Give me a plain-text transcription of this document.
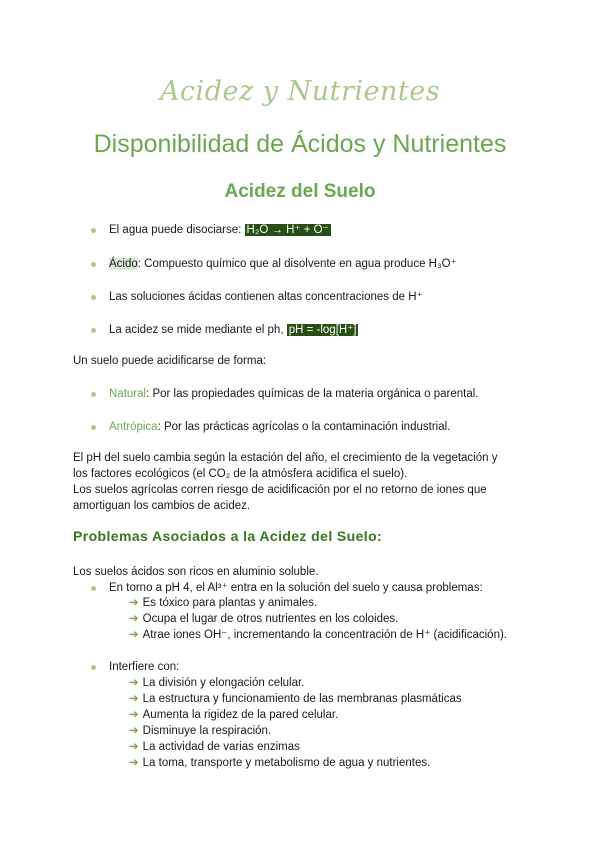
Acidez y Nutrientes
Disponibilidad de Ácidos y Nutrientes
Acidez del Suelo
El agua puede disociarse: H₂O → H⁺ + O⁻
Ácido: Compuesto químico que al disolvente en agua produce H₃O⁺
Las soluciones ácidas contienen altas concentraciones de H⁺
La acidez se mide mediante el ph, pH = -log[H⁺]
Un suelo puede acidificarse de forma:
Natural: Por las propiedades químicas de la materia orgánica o parental.
Antrópica: Por las prácticas agrícolas o la contaminación industrial.
El pH del suelo cambia según la estación del año, el crecimiento de la vegetación y
los factores ecológicos (el CO₂ de la atmósfera acidifica el suelo).
Los suelos agrícolas corren riesgo de acidificación por el no retorno de iones que
amortiguan los cambios de acidez.
Problemas Asociados a la Acidez del Suelo:
Los suelos ácidos son ricos en aluminio soluble.
En torno a pH 4, el Al³⁺ entra en la solución del suelo y causa problemas:
➔ Es tóxico para plantas y animales.
➔ Ocupa el lugar de otros nutrientes en los coloides.
➔ Atrae iones OH⁻, incrementando la concentración de H⁺ (acidificación).
Interfiere con:
➔ La división y elongación celular.
➔ La estructura y funcionamiento de las membranas plasmáticas
➔ Aumenta la rigidez de la pared celular.
➔ Disminuye la respiración.
➔ La actividad de varias enzimas
➔ La toma, transporte y metabolismo de agua y nutrientes.
